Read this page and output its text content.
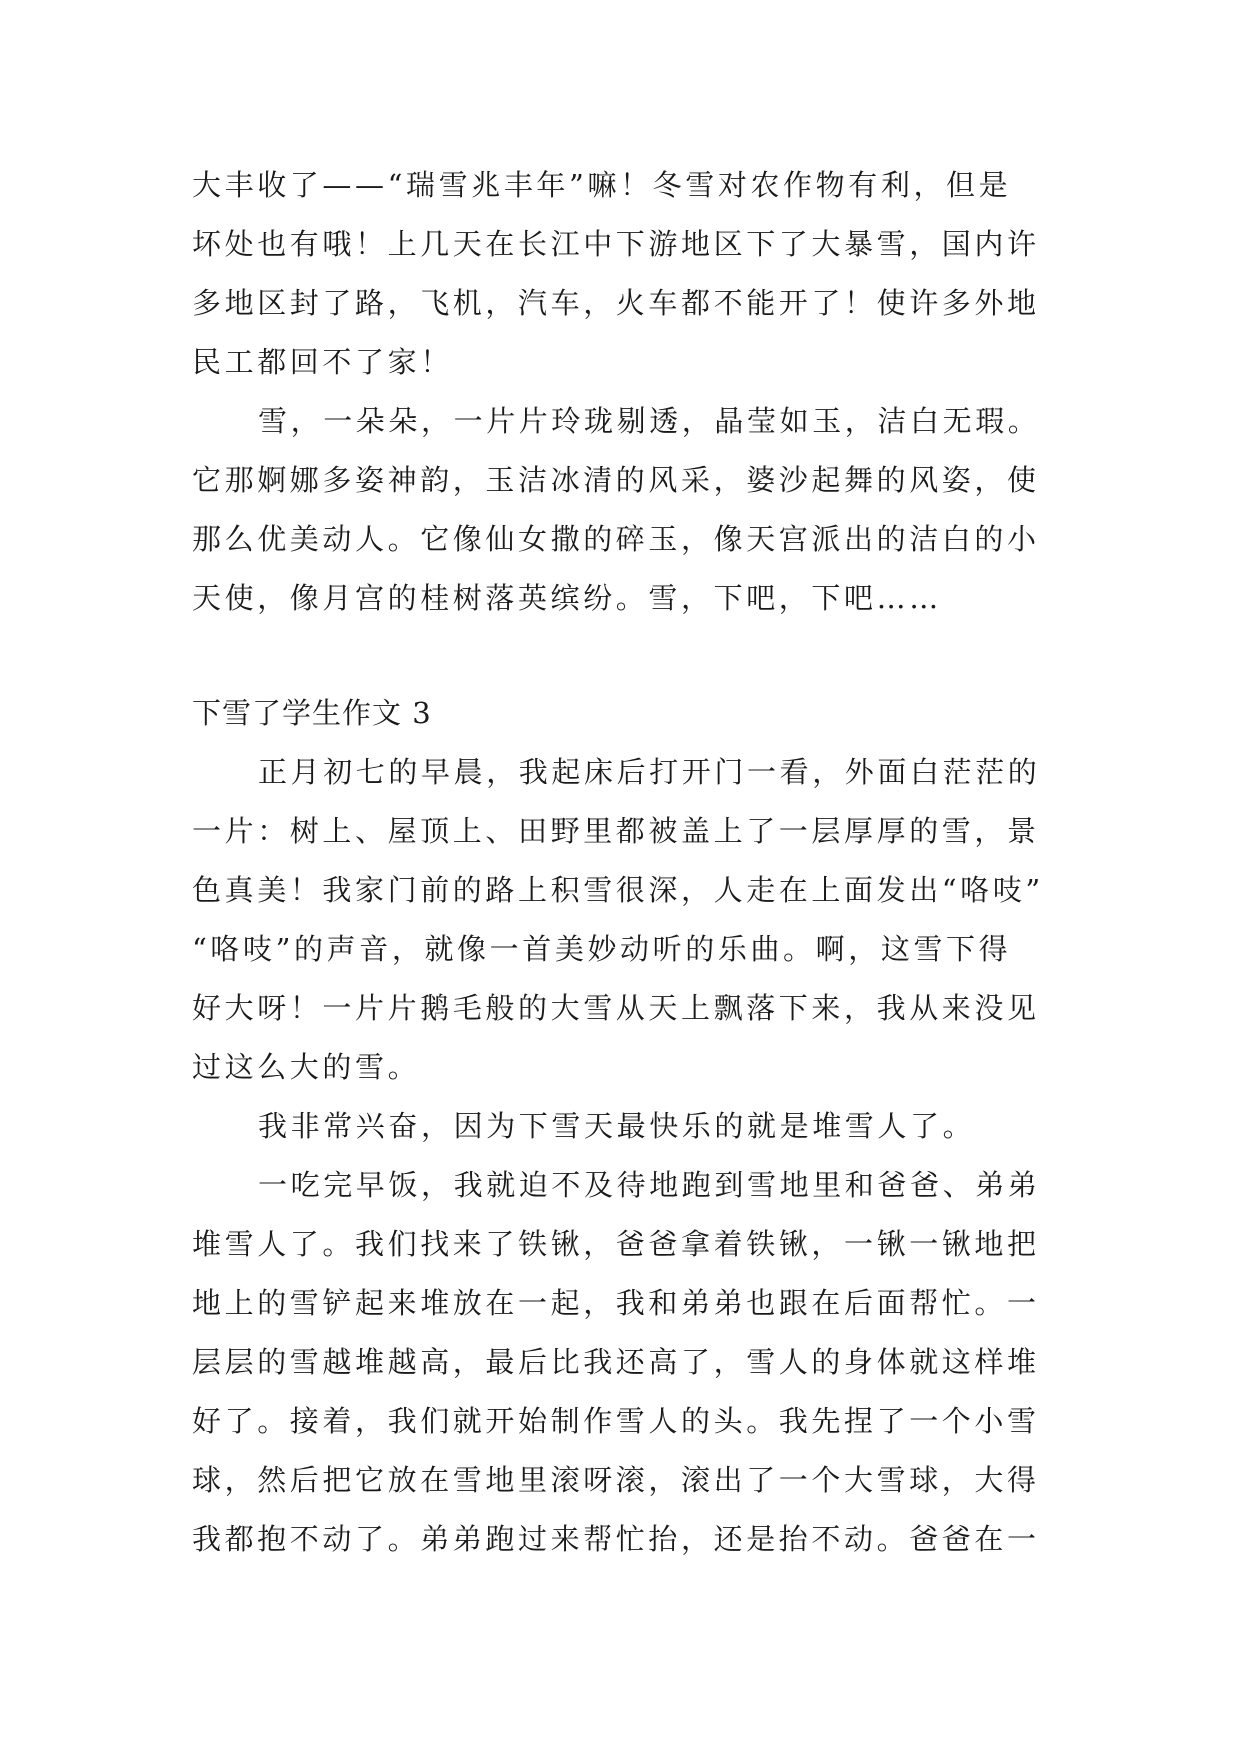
大丰收了——“瑞雪兆丰年”嘛！冬雪对农作物有利，但是
坏处也有哦！上几天在长江中下游地区下了大暴雪，国内许
多地区封了路，飞机，汽车，火车都不能开了！使许多外地
民工都回不了家！
雪，一朵朵，一片片玲珑剔透，晶莹如玉，洁白无瑕。
它那婀娜多姿神韵，玉洁冰清的风采，婆沙起舞的风姿，使
那么优美动人。它像仙女撒的碎玉，像天宫派出的洁白的小
天使，像月宫的桂树落英缤纷。雪，下吧，下吧……
下雪了学生作文 3
正月初七的早晨，我起床后打开门一看，外面白茫茫的
一片：树上、屋顶上、田野里都被盖上了一层厚厚的雪，景
色真美！我家门前的路上积雪很深，人走在上面发出“咯吱”
“咯吱”的声音，就像一首美妙动听的乐曲。啊，这雪下得
好大呀！一片片鹅毛般的大雪从天上飘落下来，我从来没见
过这么大的雪。
我非常兴奋，因为下雪天最快乐的就是堆雪人了。
一吃完早饭，我就迫不及待地跑到雪地里和爸爸、弟弟
堆雪人了。我们找来了铁锹，爸爸拿着铁锹，一锹一锹地把
地上的雪铲起来堆放在一起，我和弟弟也跟在后面帮忙。一
层层的雪越堆越高，最后比我还高了，雪人的身体就这样堆
好了。接着，我们就开始制作雪人的头。我先捏了一个小雪
球，然后把它放在雪地里滚呀滚，滚出了一个大雪球，大得
我都抱不动了。弟弟跑过来帮忙抬，还是抬不动。爸爸在一
